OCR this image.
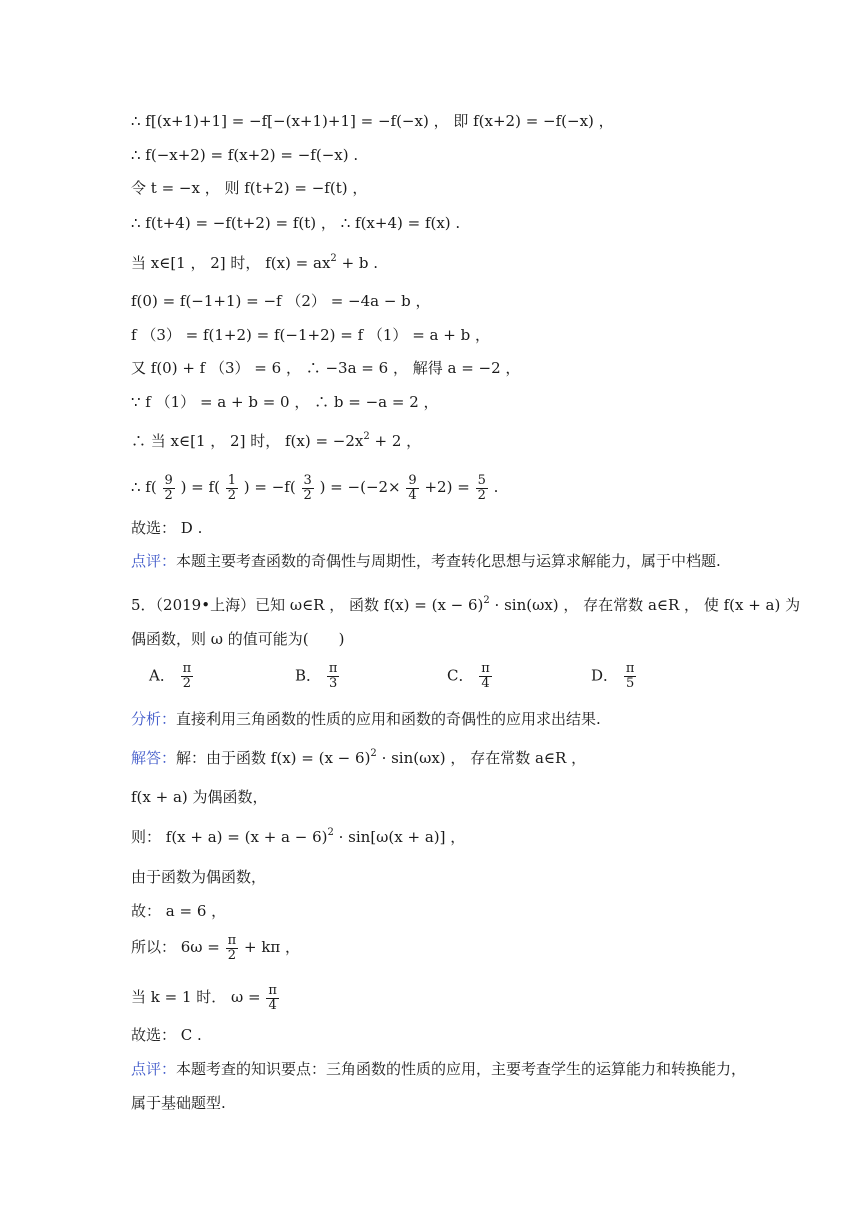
∴ f[(x+1)+1] = −f[−(x+1)+1] = −f(−x) ， 即 f(x+2) = −f(−x) ，
∴ f(−x+2) = f(x+2) = −f(−x) .
令 t = −x ， 则 f(t+2) = −f(t) ，
∴ f(t+4) = −f(t+2) = f(t) ， ∴ f(x+4) = f(x) .
当 x∈[1 ， 2] 时， $f(x) = ax^2 + b$ .
f(0) = f(−1+1) = −f （2） = −4a − b ，
f （3） = f(1+2) = f(−1+2) = f （1） = a + b ，
又 f(0) + f （3） = 6 ， ∴ −3a = 6 ， 解得 a = −2 ，
∵ f （1） = a + b = 0 ， ∴ b = −a = 2 ，
∴ 当 x∈[1 ， 2] 时， $f(x) = -2x^2 + 2$ ，
∴ $f( \frac{9}{2}$ ) = $f( \frac{1}{2}$ ) = $-f( \frac{3}{2}$ ) = $-(-2\times \frac{9}{4} +2) = \frac{5}{2}$ .
故选： D .
点评：本题主要考查函数的奇偶性与周期性，考查转化思想与运算求解能力，属于中档题.
5．（2019•上海）已知 ω∈R ， 函数 $f(x) = (x - 6)^2 \cdot \sin(\omega x)$ ， 存在常数 a∈R ， 使 f(x + a) 为
偶函数，则 ω 的值可能为(　　)
A． $\frac{\pi}{2}$	B． $\frac{\pi}{3}$	C． $\frac{\pi}{4}$	D． $\frac{\pi}{5}$
分析：直接利用三角函数的性质的应用和函数的奇偶性的应用求出结果.
解答：解：由于函数 $f(x) = (x - 6)^2 \cdot \sin(\omega x)$ ， 存在常数 a∈R ，
f(x + a) 为偶函数，
则： $f(x + a) = (x + a - 6)^2 \cdot \sin[\omega(x + a)]$ ，
由于函数为偶函数，
故： a = 6 ，
所以： $6\omega = \frac{\pi}{2} + k\pi$ ，
当 k = 1 时． $\omega = \frac{\pi}{4}$
故选： C .
点评：本题考查的知识要点：三角函数的性质的应用，主要考查学生的运算能力和转换能力，
属于基础题型.
